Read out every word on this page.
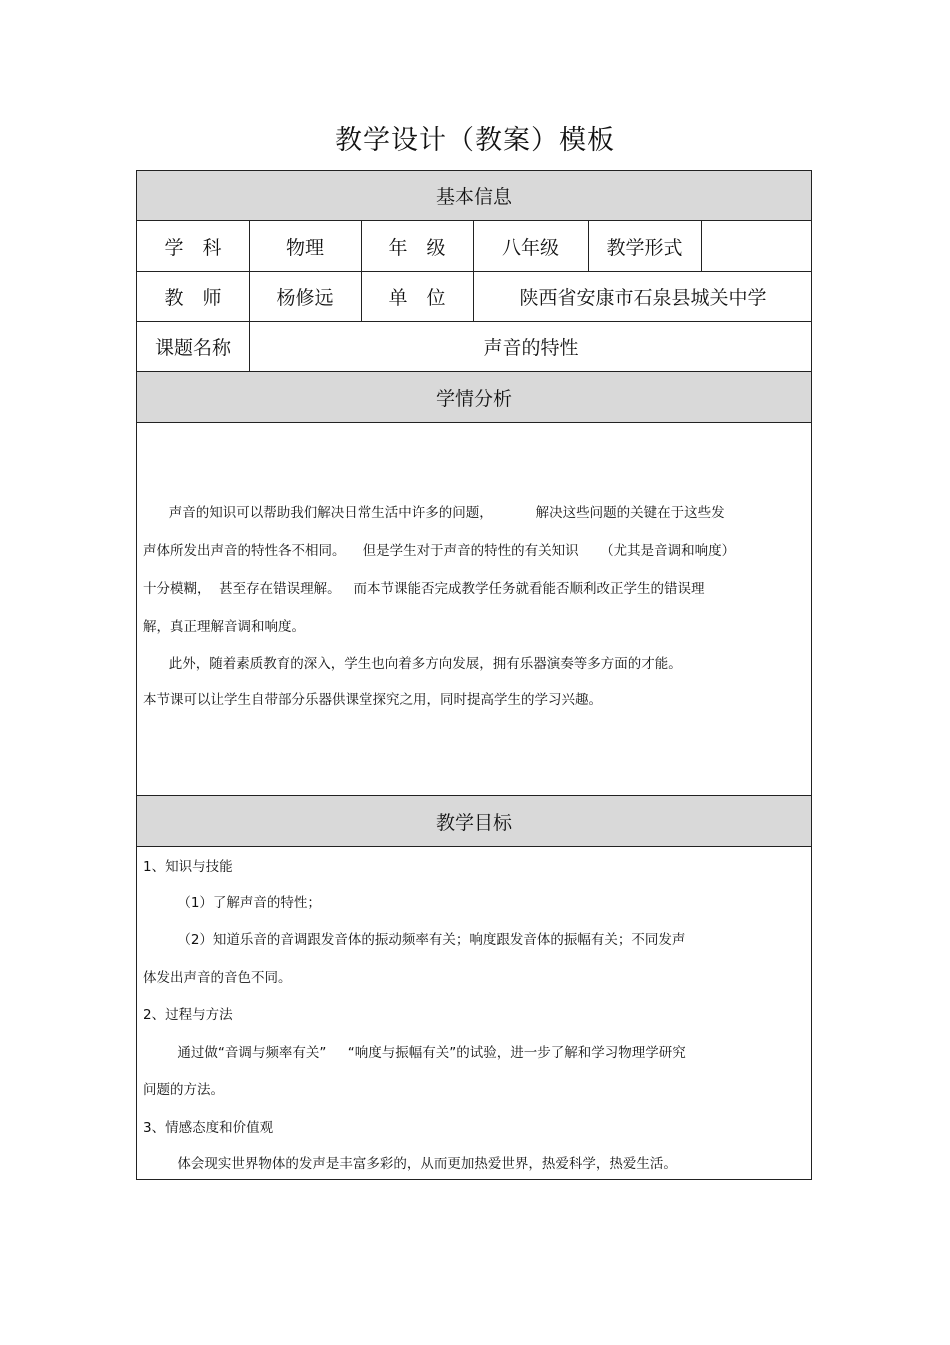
教学设计（教案）模板
基本信息
学　科	物理	年　级	八年级	教学形式
教　师	杨修远	单　位	陕西省安康市石泉县城关中学
课题名称	声音的特性
学情分析
声音的知识可以帮助我们解决日常生活中许多的问题，          解决这些问题的关键在于这些发
声体所发出声音的特性各不相同。    但是学生对于声音的特性的有关知识     （尤其是音调和响度）
十分模糊，  甚至存在错误理解。   而本节课能否完成教学任务就看能否顺利改正学生的错误理
解，真正理解音调和响度。
此外，随着素质教育的深入，学生也向着多方向发展，拥有乐器演奏等多方面的才能。
本节课可以让学生自带部分乐器供课堂探究之用，同时提高学生的学习兴趣。
教学目标
1、知识与技能
（1）了解声音的特性；
（2）知道乐音的音调跟发音体的振动频率有关；响度跟发音体的振幅有关；不同发声
体发出声音的音色不同。
2、过程与方法
通过做“音调与频率有关”     “响度与振幅有关”的试验，进一步了解和学习物理学研究
问题的方法。
3、情感态度和价值观
体会现实世界物体的发声是丰富多彩的，从而更加热爱世界，热爱科学，热爱生活。
